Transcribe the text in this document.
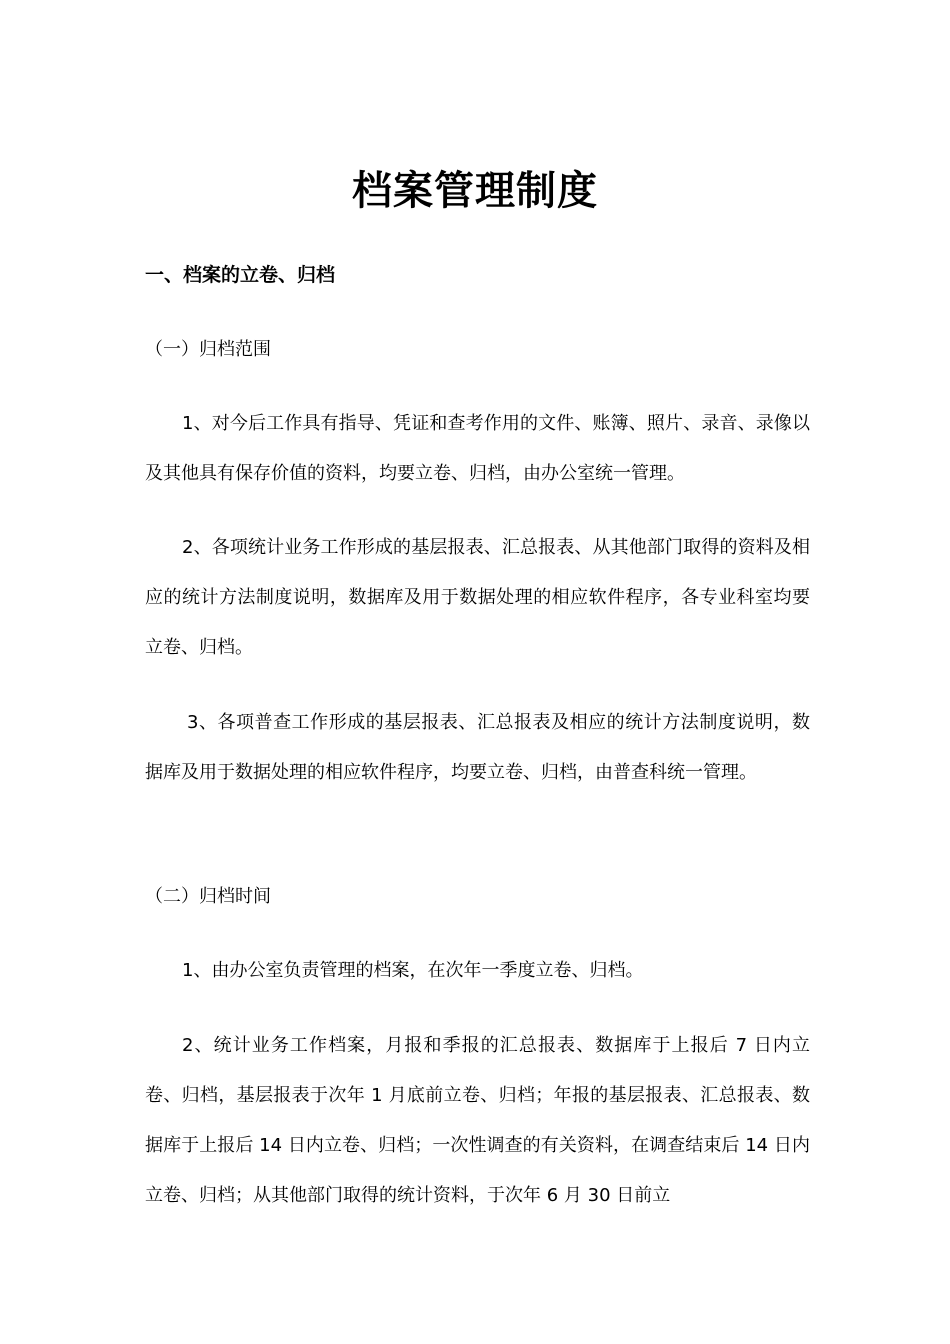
档案管理制度
一、档案的立卷、归档
（一）归档范围

1、对今后工作具有指导、凭证和查考作用的文件、账簿、照片、录音、录像以及其他具有保存价值的资料，均要立卷、归档，由办公室统一管理。

2、各项统计业务工作形成的基层报表、汇总报表、从其他部门取得的资料及相应的统计方法制度说明，数据库及用于数据处理的相应软件程序，各专业科室均要立卷、归档。

3、各项普查工作形成的基层报表、汇总报表及相应的统计方法制度说明，数据库及用于数据处理的相应软件程序，均要立卷、归档，由普查科统一管理。

（二）归档时间

1、由办公室负责管理的档案，在次年一季度立卷、归档。

2、统计业务工作档案，月报和季报的汇总报表、数据库于上报后 7 日内立卷、归档，基层报表于次年 1 月底前立卷、归档；年报的基层报表、汇总报表、数据库于上报后 14 日内立卷、归档；一次性调查的有关资料，在调查结束后 14 日内立卷、归档；从其他部门取得的统计资料，于次年 6 月 30 日前立
